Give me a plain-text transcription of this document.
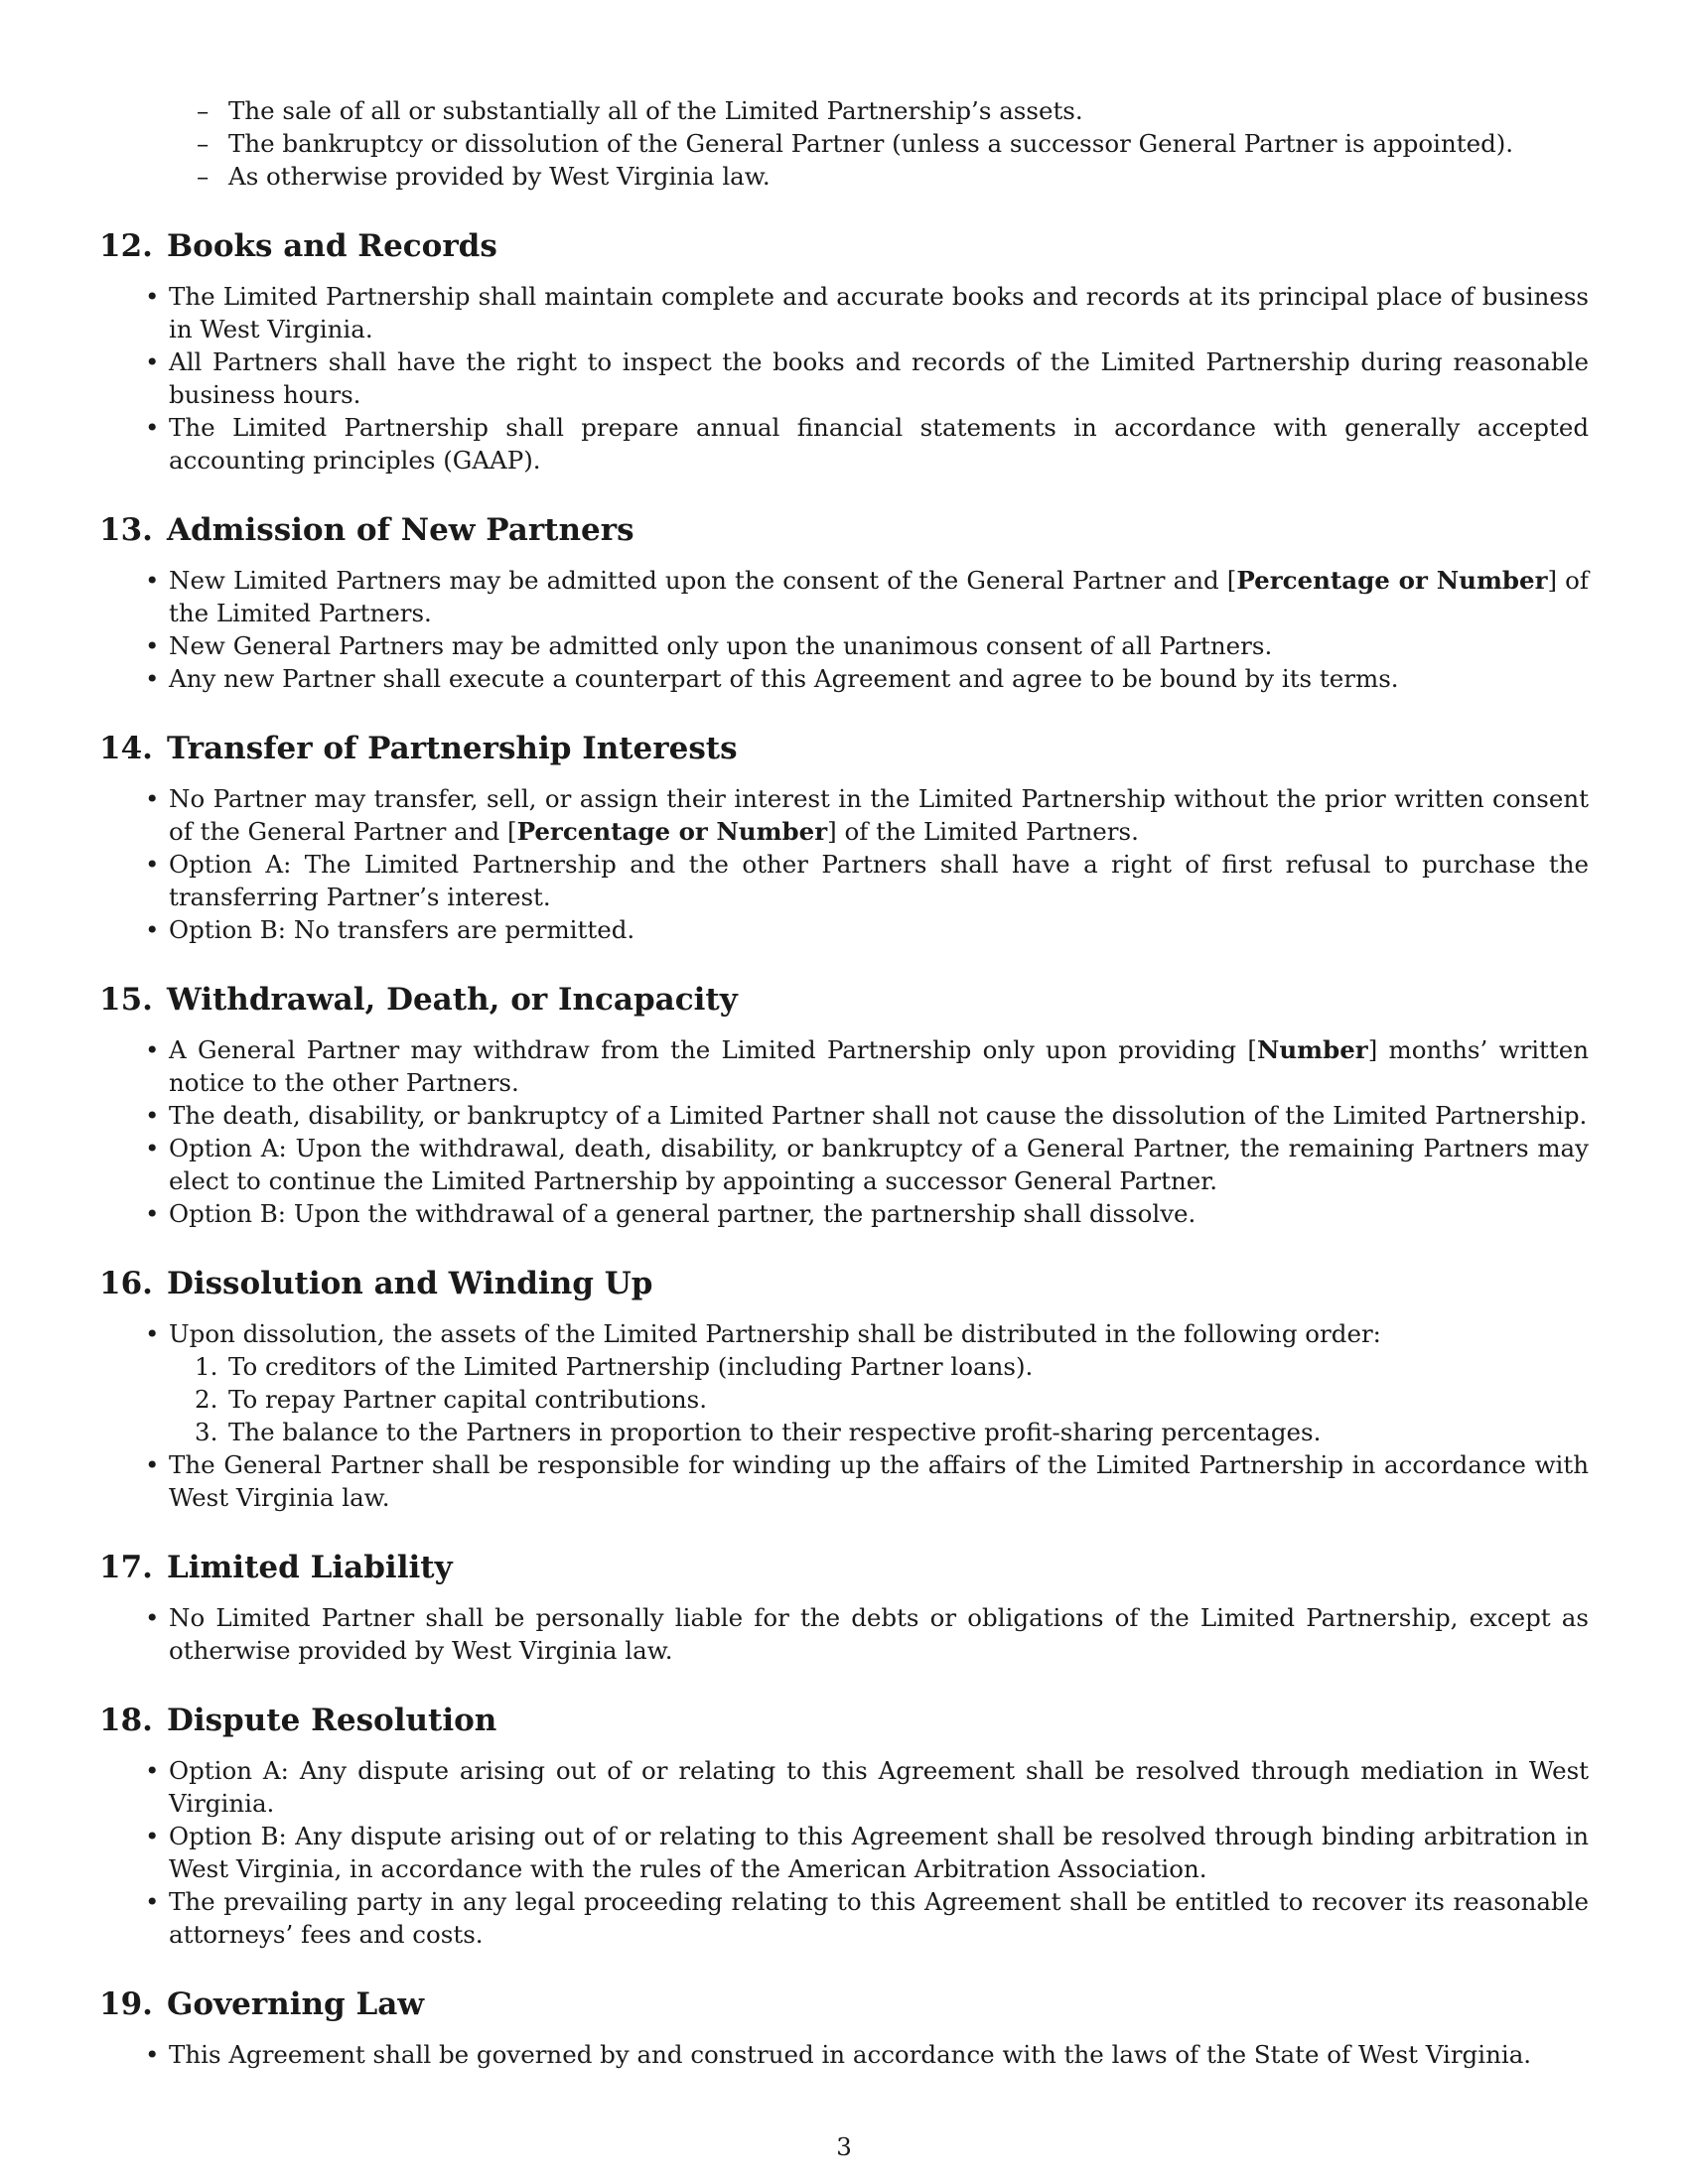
– The sale of all or substantially all of the Limited Partnership’s assets.
– The bankruptcy or dissolution of the General Partner (unless a successor General Partner is appointed).
– As otherwise provided by West Virginia law.
12. Books and Records
• The Limited Partnership shall maintain complete and accurate books and records at its principal place of business in West Virginia.
• All Partners shall have the right to inspect the books and records of the Limited Partnership during reasonable business hours.
• The Limited Partnership shall prepare annual financial statements in accordance with generally accepted accounting principles (GAAP).
13. Admission of New Partners
• New Limited Partners may be admitted upon the consent of the General Partner and [Percentage or Number] of the Limited Partners.
• New General Partners may be admitted only upon the unanimous consent of all Partners.
• Any new Partner shall execute a counterpart of this Agreement and agree to be bound by its terms.
14. Transfer of Partnership Interests
• No Partner may transfer, sell, or assign their interest in the Limited Partnership without the prior written consent of the General Partner and [Percentage or Number] of the Limited Partners.
• Option A: The Limited Partnership and the other Partners shall have a right of first refusal to purchase the transferring Partner’s interest.
• Option B: No transfers are permitted.
15. Withdrawal, Death, or Incapacity
• A General Partner may withdraw from the Limited Partnership only upon providing [Number] months’ written notice to the other Partners.
• The death, disability, or bankruptcy of a Limited Partner shall not cause the dissolution of the Limited Partnership.
• Option A: Upon the withdrawal, death, disability, or bankruptcy of a General Partner, the remaining Partners may elect to continue the Limited Partnership by appointing a successor General Partner.
• Option B: Upon the withdrawal of a general partner, the partnership shall dissolve.
16. Dissolution and Winding Up
• Upon dissolution, the assets of the Limited Partnership shall be distributed in the following order:
1. To creditors of the Limited Partnership (including Partner loans).
2. To repay Partner capital contributions.
3. The balance to the Partners in proportion to their respective profit-sharing percentages.
• The General Partner shall be responsible for winding up the affairs of the Limited Partnership in accordance with West Virginia law.
17. Limited Liability
• No Limited Partner shall be personally liable for the debts or obligations of the Limited Partnership, except as otherwise provided by West Virginia law.
18. Dispute Resolution
• Option A: Any dispute arising out of or relating to this Agreement shall be resolved through mediation in West Virginia.
• Option B: Any dispute arising out of or relating to this Agreement shall be resolved through binding arbitration in West Virginia, in accordance with the rules of the American Arbitration Association.
• The prevailing party in any legal proceeding relating to this Agreement shall be entitled to recover its reasonable attorneys’ fees and costs.
19. Governing Law
• This Agreement shall be governed by and construed in accordance with the laws of the State of West Virginia.
3
